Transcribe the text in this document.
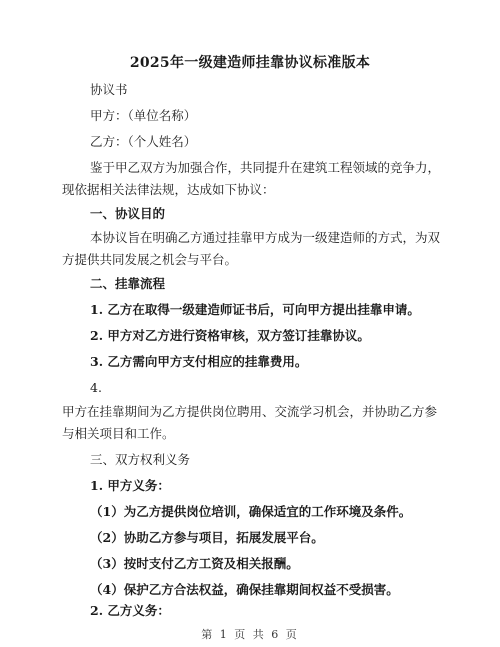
2025年一级建造师挂靠协议标准版本
协议书
甲方：（单位名称）
乙方：（个人姓名）
鉴于甲乙双方为加强合作，共同提升在建筑工程领域的竞争力，
现依据相关法律法规，达成如下协议：
一、协议目的
本协议旨在明确乙方通过挂靠甲方成为一级建造师的方式，为双
方提供共同发展之机会与平台。
二、挂靠流程
1. 乙方在取得一级建造师证书后，可向甲方提出挂靠申请。
2. 甲方对乙方进行资格审核，双方签订挂靠协议。
3. 乙方需向甲方支付相应的挂靠费用。
4.
甲方在挂靠期间为乙方提供岗位聘用、交流学习机会，并协助乙方参
与相关项目和工作。
三、双方权利义务
1. 甲方义务：
（1）为乙方提供岗位培训，确保适宜的工作环境及条件。
（2）协助乙方参与项目，拓展发展平台。
（3）按时支付乙方工资及相关报酬。
（4）保护乙方合法权益，确保挂靠期间权益不受损害。
第 1 页 共 6 页
2. 乙方义务：
